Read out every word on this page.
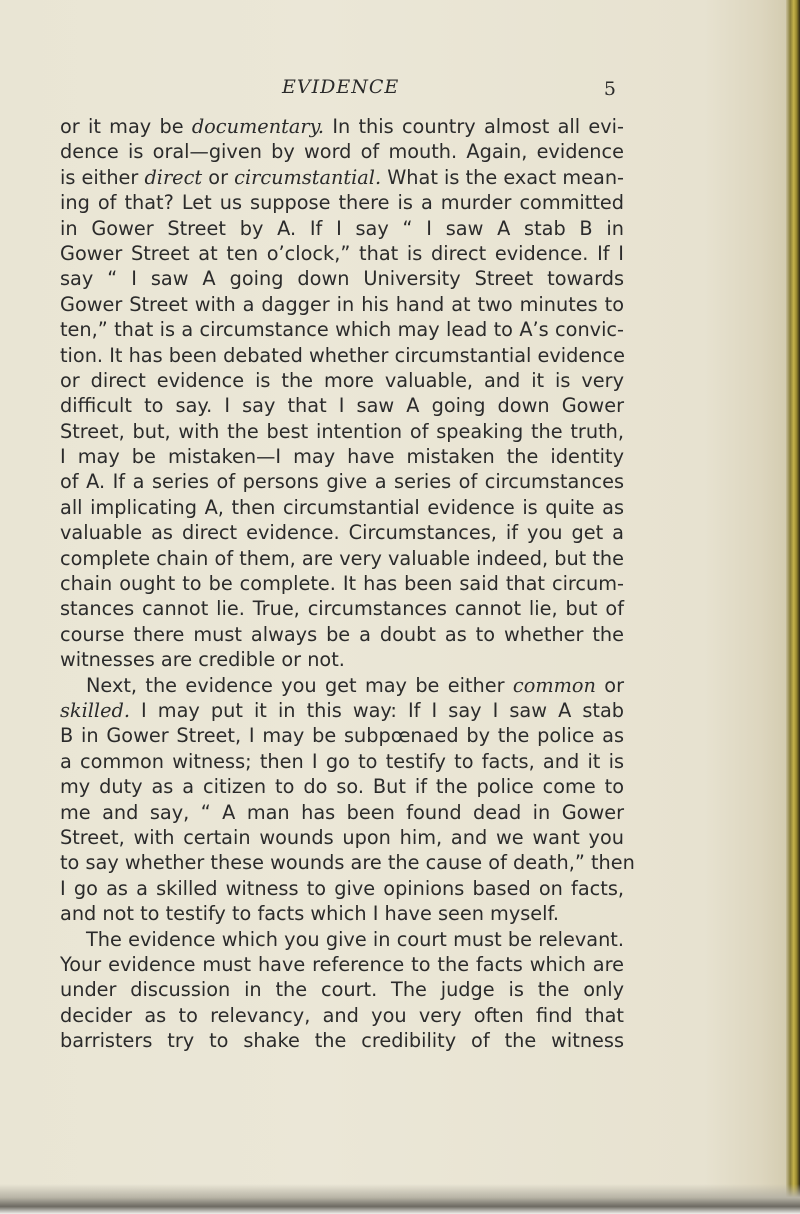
EVIDENCE	5
or it may be documentary. In this country almost all evi-
dence is oral—given by word of mouth. Again, evidence
is either direct or circumstantial. What is the exact mean-
ing of that? Let us suppose there is a murder committed
in Gower Street by A. If I say “ I saw A stab B in
Gower Street at ten o’clock,” that is direct evidence. If I
say “ I saw A going down University Street towards
Gower Street with a dagger in his hand at two minutes to
ten,” that is a circumstance which may lead to A’s convic-
tion. It has been debated whether circumstantial evidence
or direct evidence is the more valuable, and it is very
difficult to say. I say that I saw A going down Gower
Street, but, with the best intention of speaking the truth,
I may be mistaken—I may have mistaken the identity
of A. If a series of persons give a series of circumstances
all implicating A, then circumstantial evidence is quite as
valuable as direct evidence. Circumstances, if you get a
complete chain of them, are very valuable indeed, but the
chain ought to be complete. It has been said that circum-
stances cannot lie. True, circumstances cannot lie, but of
course there must always be a doubt as to whether the
witnesses are credible or not.
Next, the evidence you get may be either common or
skilled. I may put it in this way: If I say I saw A stab
B in Gower Street, I may be subpœnaed by the police as
a common witness; then I go to testify to facts, and it is
my duty as a citizen to do so. But if the police come to
me and say, “ A man has been found dead in Gower
Street, with certain wounds upon him, and we want you
to say whether these wounds are the cause of death,” then
I go as a skilled witness to give opinions based on facts,
and not to testify to facts which I have seen myself.
The evidence which you give in court must be relevant.
Your evidence must have reference to the facts which are
under discussion in the court. The judge is the only
decider as to relevancy, and you very often find that
barristers try to shake the credibility of the witness
